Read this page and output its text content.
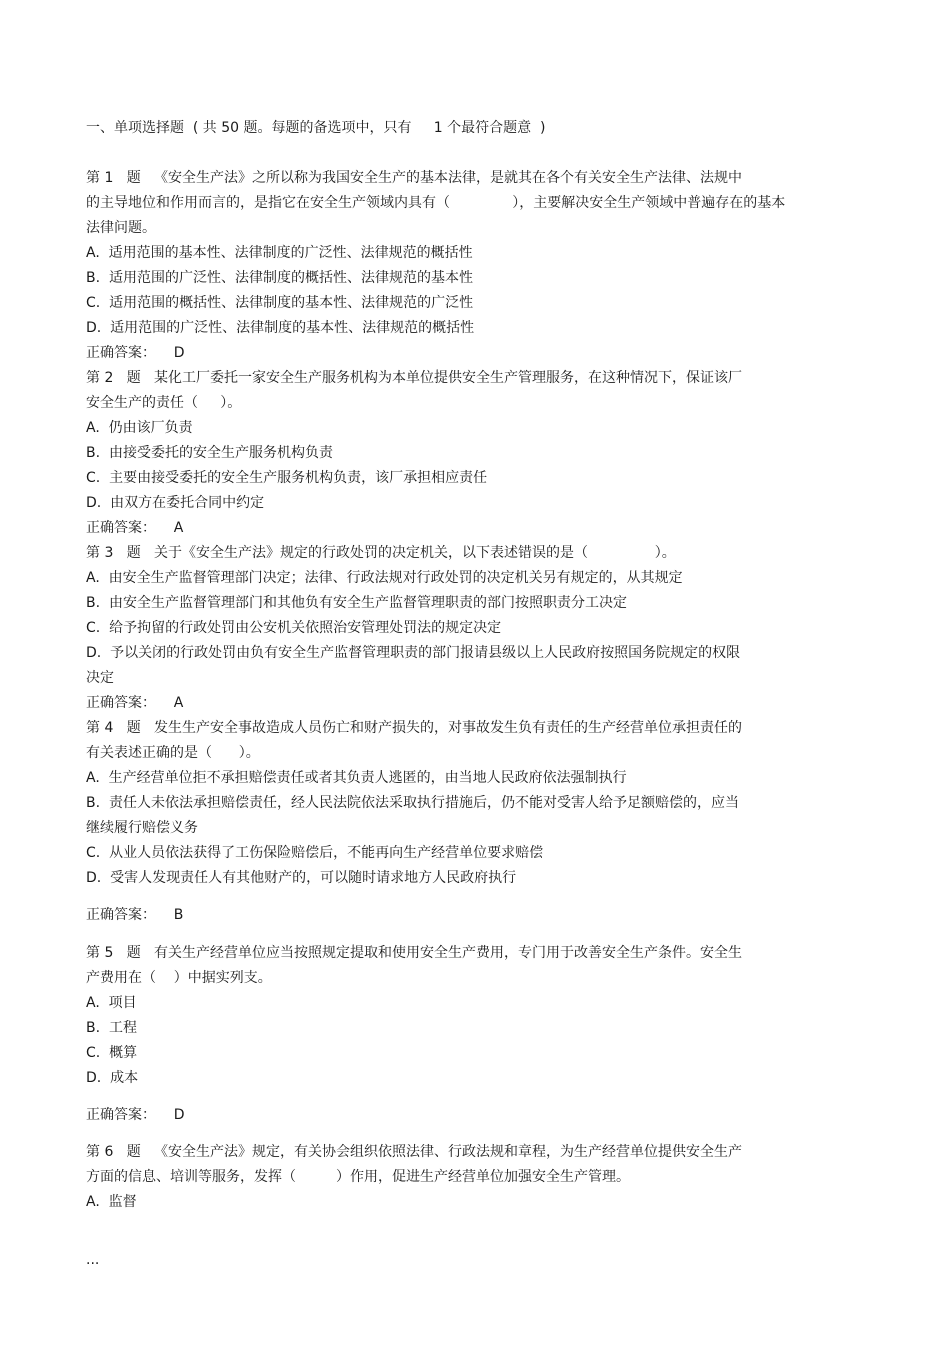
一、单项选择题  ( 共 50 题。每题的备选项中，只有     1 个最符合题意  )

第 1   题   《安全生产法》之所以称为我国安全生产的基本法律，是就其在各个有关安全生产法律、法规中

的主导地位和作用而言的，是指它在安全生产领域内具有（              ），主要解决安全生产领域中普遍存在的基本

法律问题。

A.  适用范围的基本性、法律制度的广泛性、法律规范的概括性

B.  适用范围的广泛性、法律制度的概括性、法律规范的基本性

C.  适用范围的概括性、法律制度的基本性、法律规范的广泛性

D.  适用范围的广泛性、法律制度的基本性、法律规范的概括性

正确答案：    D

第 2   题   某化工厂委托一家安全生产服务机构为本单位提供安全生产管理服务，在这种情况下，保证该厂

安全生产的责任（     ）。

A.  仍由该厂负责

B.  由接受委托的安全生产服务机构负责

C.  主要由接受委托的安全生产服务机构负责，该厂承担相应责任

D.  由双方在委托合同中约定

正确答案：    A

第 3   题   关于《安全生产法》规定的行政处罚的决定机关，以下表述错误的是（               ）。

A.  由安全生产监督管理部门决定；法律、行政法规对行政处罚的决定机关另有规定的，从其规定

B.  由安全生产监督管理部门和其他负有安全生产监督管理职责的部门按照职责分工决定

C.  给予拘留的行政处罚由公安机关依照治安管理处罚法的规定决定

D.  予以关闭的行政处罚由负有安全生产监督管理职责的部门报请县级以上人民政府按照国务院规定的权限

决定

正确答案：    A

第 4   题   发生生产安全事故造成人员伤亡和财产损失的，对事故发生负有责任的生产经营单位承担责任的

有关表述正确的是（      ）。

A.  生产经营单位拒不承担赔偿责任或者其负责人逃匿的，由当地人民政府依法强制执行

B.  责任人未依法承担赔偿责任，经人民法院依法采取执行措施后，仍不能对受害人给予足额赔偿的，应当

继续履行赔偿义务

C.  从业人员依法获得了工伤保险赔偿后，不能再向生产经营单位要求赔偿

D.  受害人发现责任人有其他财产的，可以随时请求地方人民政府执行

正确答案：    B

第 5   题   有关生产经营单位应当按照规定提取和使用安全生产费用，专门用于改善安全生产条件。安全生

产费用在（    ）中据实列支。

A.  项目

B.  工程

C.  概算

D.  成本

正确答案：    D

第 6   题   《安全生产法》规定，有关协会组织依照法律、行政法规和章程，为生产经营单位提供安全生产

方面的信息、培训等服务，发挥（         ）作用，促进生产经营单位加强安全生产管理。

A.  监督

...
